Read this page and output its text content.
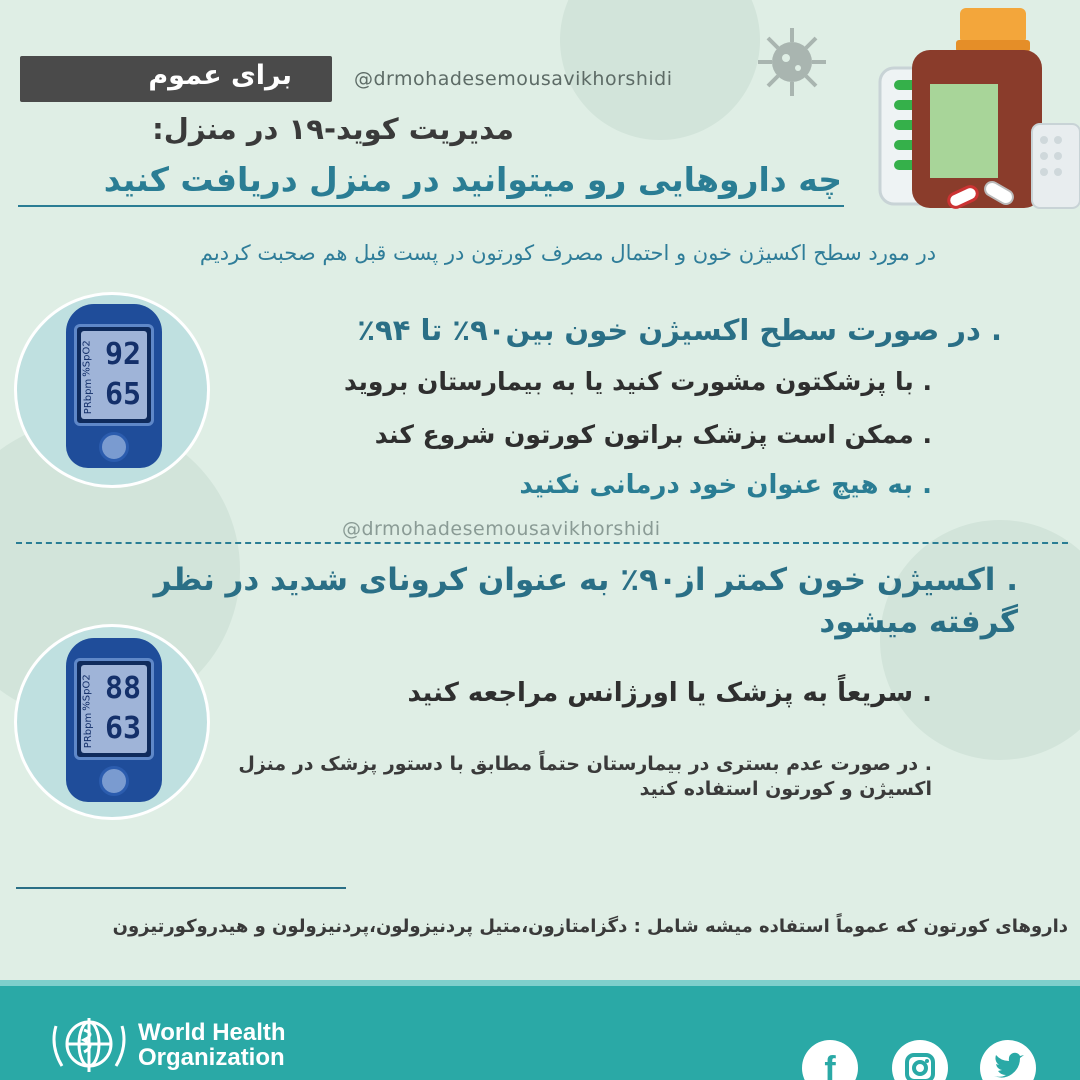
برای عموم	@drmohadesemousavikhorshidi
مدیریت کوید-۱۹ در منزل:
چه داروهایی رو میتوانید در منزل دریافت کنید
در مورد سطح اکسیژن خون و احتمال مصرف کورتون در پست قبل هم صحبت کردیم
92
65
%SpO2
PRbpm
. در صورت سطح اکسیژن خون بین۹۰٪ تا ۹۴٪
. با پزشکتون مشورت کنید یا به بیمارستان بروید
. ممکن است پزشک براتون کورتون شروع کند
. به هیچ عنوان خود درمانی نکنید
@drmohadesemousavikhorshidi
. اکسیژن خون کمتر از۹۰٪ به عنوان کرونای شدید در نظر گرفته میشود
88
63
%SpO2
PRbpm
. سریعاً به پزشک یا اورژانس مراجعه کنید
. در صورت عدم بستری در بیمارستان حتماً مطابق با دستور پزشک در منزل اکسیژن و کورتون استفاده کنید
داروهای کورتون که عموماً استفاده میشه شامل : دگزامتازون،متیل پردنیزولون،پردنیزولون و هیدروکورتیزون
World Health
Organization	f
